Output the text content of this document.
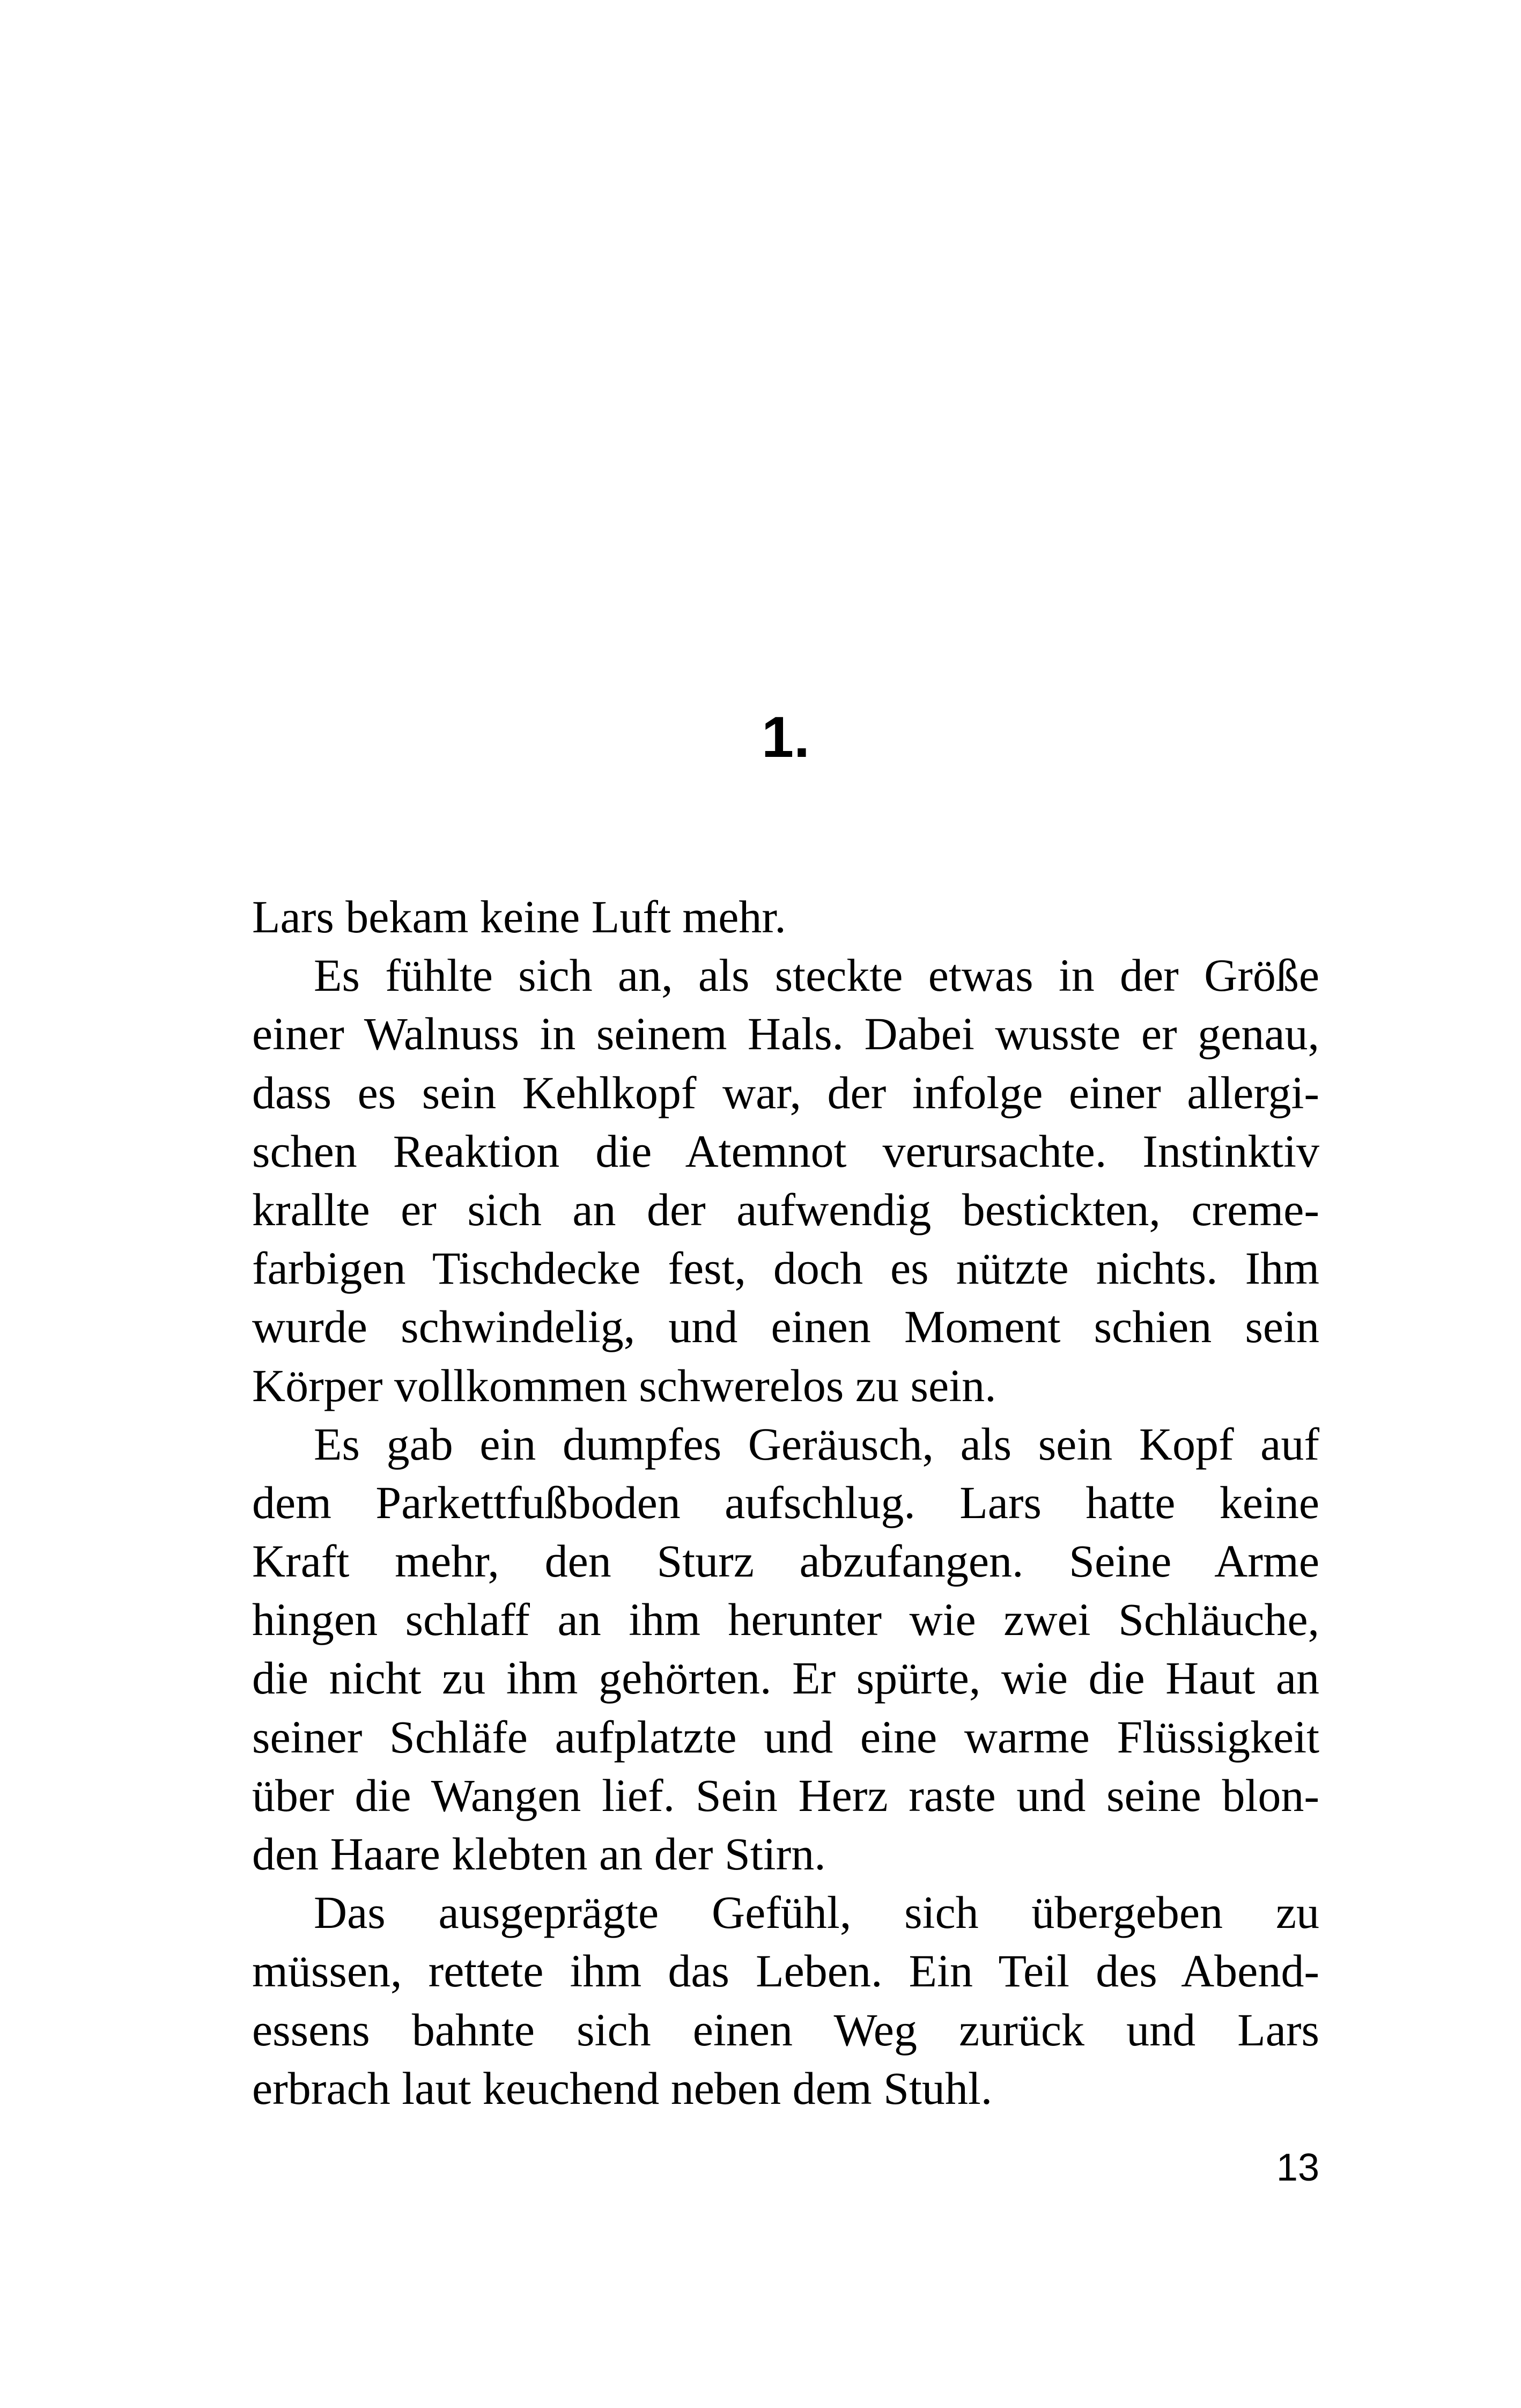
1.
Lars bekam keine Luft mehr.
Es fühlte sich an, als steckte etwas in der Größe
einer Walnuss in seinem Hals. Dabei wusste er genau,
dass es sein Kehlkopf war, der infolge einer allergi-
schen Reaktion die Atemnot verursachte. Instinktiv
krallte er sich an der aufwendig bestickten, creme-
farbigen Tischdecke fest, doch es nützte nichts. Ihm
wurde schwindelig, und einen Moment schien sein
Körper vollkommen schwerelos zu sein.
Es gab ein dumpfes Geräusch, als sein Kopf auf
dem Parkettfußboden aufschlug. Lars hatte keine
Kraft mehr, den Sturz abzufangen. Seine Arme
hingen schlaff an ihm herunter wie zwei Schläuche,
die nicht zu ihm gehörten. Er spürte, wie die Haut an
seiner Schläfe aufplatzte und eine warme Flüssigkeit
über die Wangen lief. Sein Herz raste und seine blon-
den Haare klebten an der Stirn.
Das ausgeprägte Gefühl, sich übergeben zu
müssen, rettete ihm das Leben. Ein Teil des Abend-
essens bahnte sich einen Weg zurück und Lars
erbrach laut keuchend neben dem Stuhl.
13
